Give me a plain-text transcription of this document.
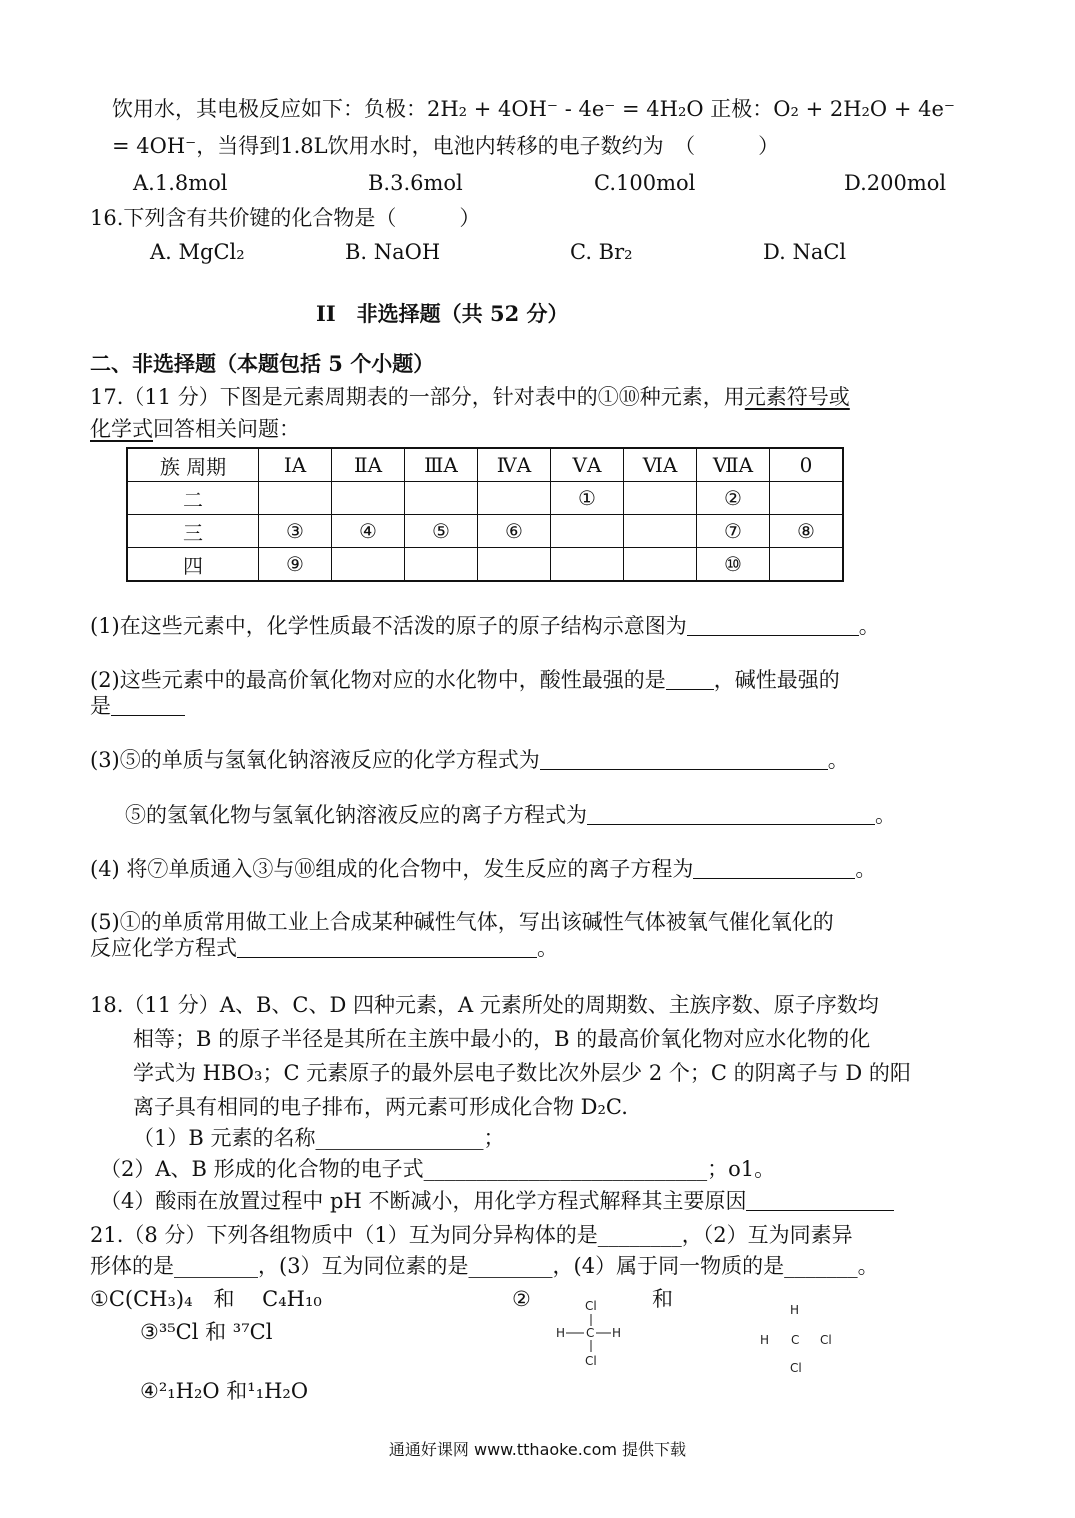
饮用水，其电极反应如下：负极：2H₂ + 4OH⁻ - 4e⁻ = 4H₂O 正极：O₂ + 2H₂O + 4e⁻
= 4OH⁻，当得到1.8L饮用水时，电池内转移的电子数约为　（　　　）
A.1.8mol	B.3.6mol	C.100mol	D.200mol
16.下列含有共价键的化合物是（　　　）
A. MgCl₂	B. NaOH	C. Br₂	D. NaCl
II　非选择题（共 52 分）
二、非选择题（本题包括 5 个小题）
17.（11 分）下图是元素周期表的一部分，针对表中的①⑩种元素，用元素符号或
化学式回答相关问题：
族 周期	ⅠA	ⅡA	ⅢA	ⅣA	ⅤA	ⅥA	ⅦA	0
二					①		②	
三	③	④	⑤	⑥			⑦	⑧
四	⑨						⑩	
(1)在这些元素中，化学性质最不活泼的原子的原子结构示意图为	。
(2)这些元素中的最高价氧化物对应的水化物中，酸性最强的是 ，碱性最强的
是
(3)⑤的单质与氢氧化钠溶液反应的化学方程式为	。
⑤的氢氧化物与氢氧化钠溶液反应的离子方程式为	。
(4) 将⑦单质通入③与⑩组成的化合物中，发生反应的离子方程为	。
(5)①的单质常用做工业上合成某种碱性气体，写出该碱性气体被氧气催化氧化的
反应化学方程式	。
18.（11 分）A、B、C、D 四种元素，A 元素所处的周期数、主族序数、原子序数均
相等；B 的原子半径是其所在主族中最小的，B 的最高价氧化物对应水化物的化
学式为 HBO₃；C 元素原子的最外层电子数比次外层少 2 个；C 的阴离子与 D 的阳
离子具有相同的电子排布，两元素可形成化合物 D₂C.
（1）B 元素的名称________________；
（2）A、B 形成的化合物的电子式___________________________；o1。
（4）酸雨在放置过程中 pH 不断减小，用化学方程式解释其主要原因
21.（8 分）下列各组物质中（1）互为同分异构体的是________，（2）互为同素异
形体的是________，(3）互为同位素的是________，(4）属于同一物质的是_______。
①C(CH₃)₄　和　 C₄H₁₀	②	和
③³⁵Cl 和 ³⁷Cl
④²₁H₂O 和¹₁H₂O
Cl
H C H
Cl
H
H C Cl
Cl
通通好课网 www.tthaoke.com 提供下载
